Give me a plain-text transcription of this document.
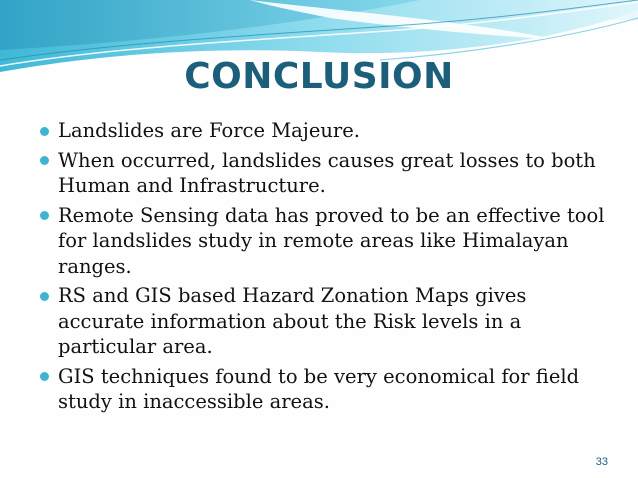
CONCLUSION
Landslides are Force Majeure.
When occurred, landslides causes great losses to both Human and Infrastructure.
Remote Sensing data has proved to be an effective tool for landslides study in remote areas like Himalayan ranges.
RS and GIS based Hazard Zonation Maps gives accurate information about the Risk levels in a particular area.
GIS techniques found to be very economical for field study in inaccessible areas.
33
